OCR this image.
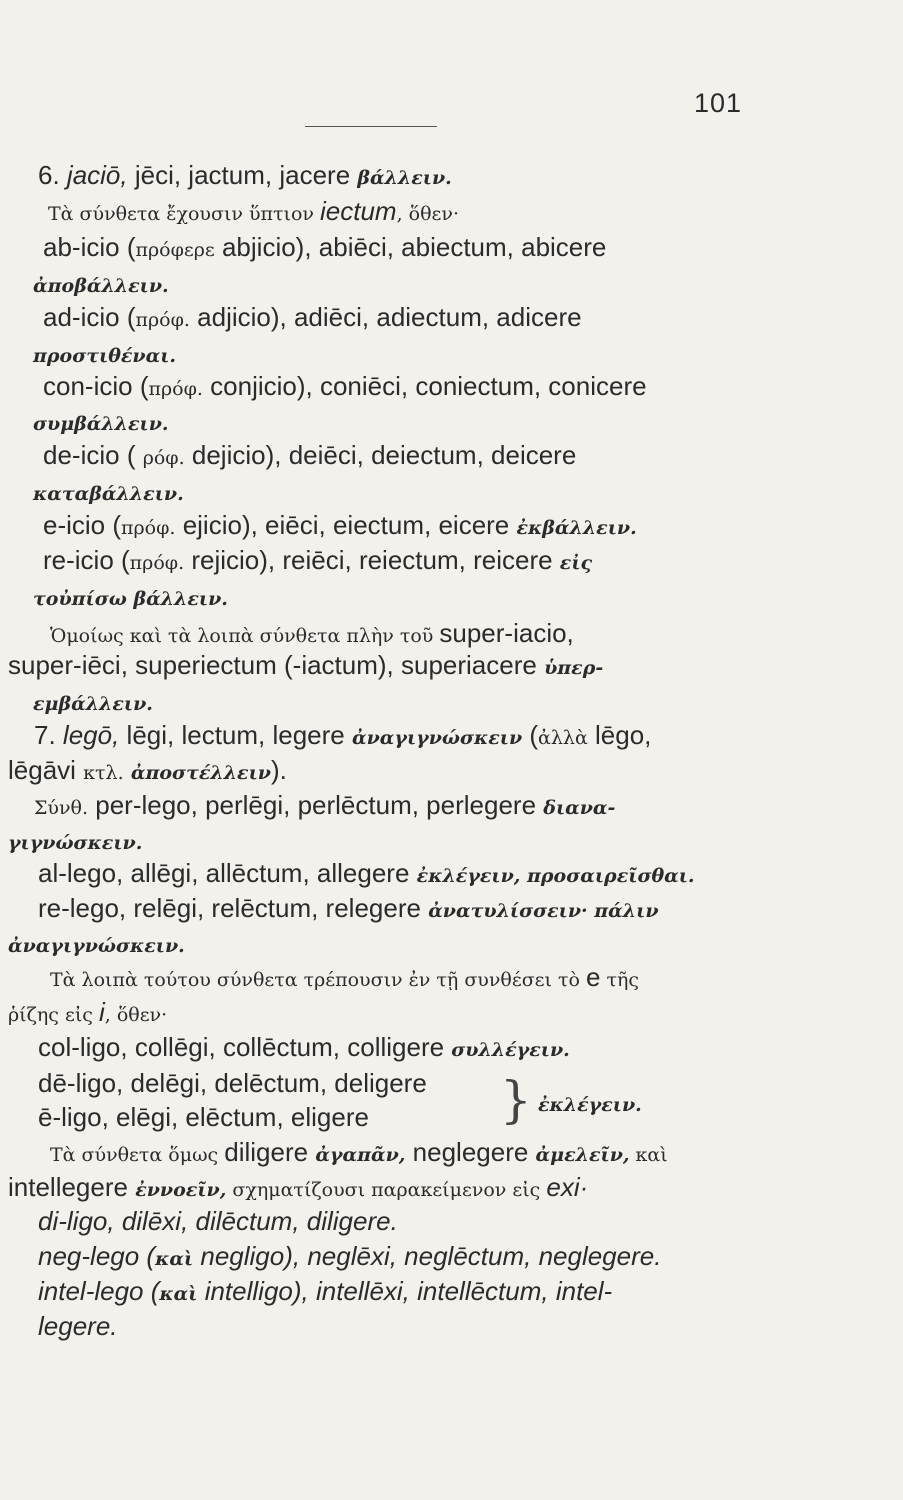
101
6. jaciō, jēci, jactum, jacere βάλλειν.
Τὰ σύνθετα ἔχουσιν ὕπτιον iectum, ὅθεν·
ab-icio (πρόφερε abjicio), abiēci, abiectum, abicere
ἀποβάλλειν.
ad-icio (πρόφ. adjicio), adiēci, adiectum, adicere
προστιθέναι.
con-icio (πρόφ. conjicio), coniēci, coniectum, conicere
συμβάλλειν.
de-icio ( ρόφ. dejicio), deiēci, deiectum, deicere
καταβάλλειν.
e-icio (πρόφ. ejicio), eiēci, eiectum, eicere ἐκβάλλειν.
re-icio (πρόφ. rejicio), reiēci, reiectum, reicere εἰς
τοὐπίσω βάλλειν.
Ὁμοίως καὶ τὰ λοιπὰ σύνθετα πλὴν τοῦ super-iacio,
super-iēci, superiectum (-iactum), superiacere ὑπερ-
εμβάλλειν.
7. legō, lēgi, lectum, legere ἀναγιγνώσκειν (ἀλλὰ lēgo,
lēgāvi κτλ. ἀποστέλλειν).
Σύνθ. per-lego, perlēgi, perlēctum, perlegere διανα-
γιγνώσκειν.
al-lego, allēgi, allēctum, allegere ἐκλέγειν, προσαιρεῖσθαι.
re-lego, relēgi, relēctum, relegere ἀνατυλίσσειν· πάλιν
ἀναγιγνώσκειν.
Τὰ λοιπὰ τούτου σύνθετα τρέπουσιν ἐν τῇ συνθέσει τὸ e τῆς
ῥίζης εἰς i, ὅθεν·
col-ligo, collēgi, collēctum, colligere συλλέγειν.
dē-ligo, delēgi, delēctum, deligere
ē-ligo, elēgi, elēctum, eligere
Τὰ σύνθετα ὅμως diligere ἀγαπᾶν, neglegere ἀμελεῖν, καὶ
intellegere ἐννοεῖν, σχηματίζουσι παρακείμενον εἰς exi·
di-ligo, dilēxi, dilēctum, diligere.
neg-lego (καὶ negligo), neglēxi, neglēctum, neglegere.
intel-lego (καὶ intelligo), intellēxi, intellēctum, intel-
legere.
} ἐκλέγειν.
